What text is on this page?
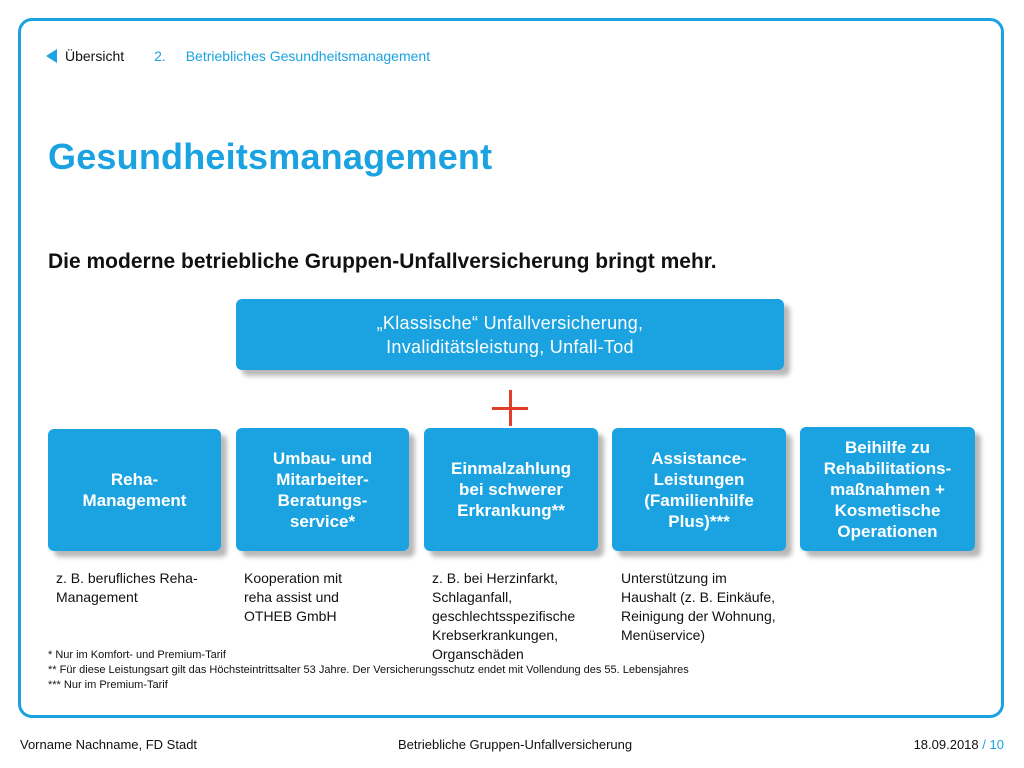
Übersicht 2. Betriebliches Gesundheitsmanagement
Gesundheitsmanagement
Die moderne betriebliche Gruppen-Unfallversicherung bringt mehr.
„Klassische“ Unfallversicherung,
Invaliditätsleistung, Unfall-Tod
Reha-
Management
Umbau- und
Mitarbeiter-
Beratungs-
service*
Einmalzahlung
bei schwerer
Erkrankung**
Assistance-
Leistungen
(Familienhilfe
Plus)***
Beihilfe zu
Rehabilitations-
maßnahmen +
Kosmetische
Operationen
z. B. berufliches Reha-
Management
Kooperation mit
reha assist und
OTHEB GmbH
z. B. bei Herzinfarkt,
Schlaganfall,
geschlechtsspezifische
Krebserkrankungen,
Organschäden
Unterstützung im
Haushalt (z. B. Einkäufe,
Reinigung der Wohnung,
Menüservice)
* Nur im Komfort- und Premium-Tarif
** Für diese Leistungsart gilt das Höchsteintrittsalter 53 Jahre. Der Versicherungsschutz endet mit Vollendung des 55. Lebensjahres
*** Nur im Premium-Tarif
Vorname Nachname, FD Stadt	Betriebliche Gruppen-Unfallversicherung	18.09.2018 / 10
